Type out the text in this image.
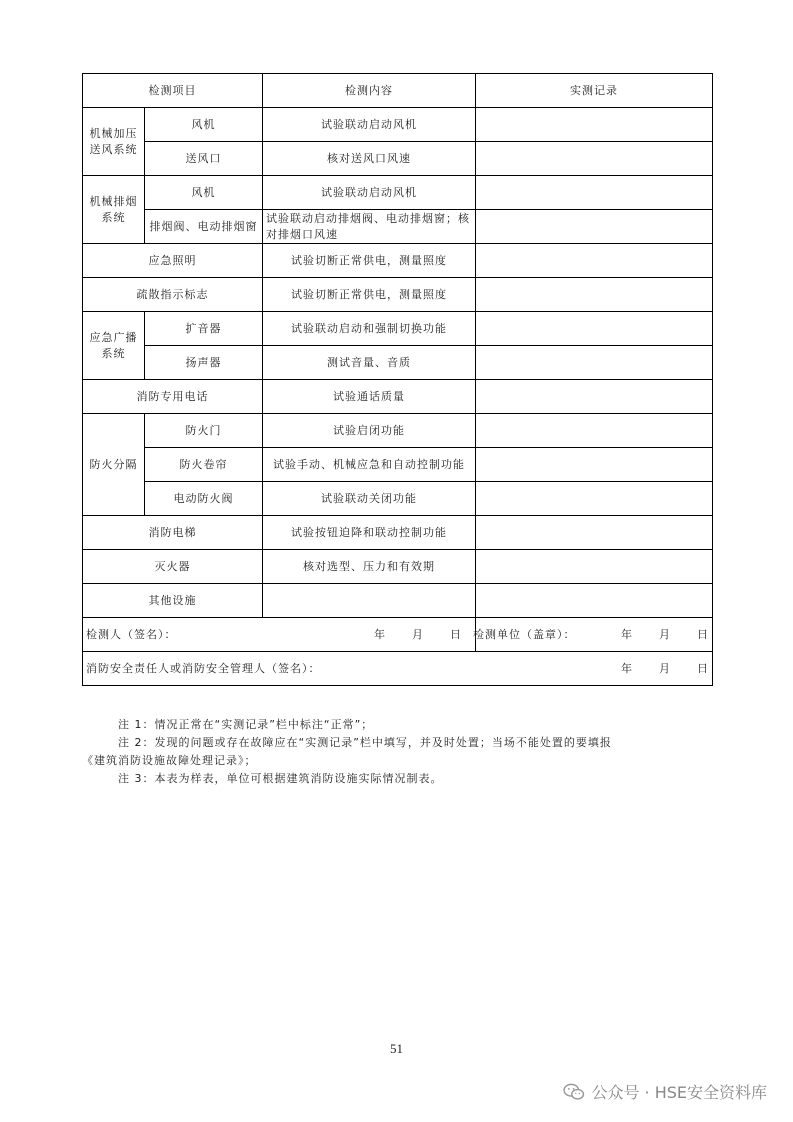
检测项目		检测内容	实测记录
机械加压送风系统	风机	试验联动启动风机	
	送风口	核对送风口风速	
机械排烟系统	风机	试验联动启动风机	
	排烟阀、电动排烟窗	试验联动启动排烟阀、电动排烟窗；核对排烟口风速	
应急照明		试验切断正常供电，测量照度	
疏散指示标志		试验切断正常供电，测量照度	
应急广播系统	扩音器	试验联动启动和强制切换功能	
	扬声器	测试音量、音质	
消防专用电话		试验通话质量	
防火分隔	防火门	试验启闭功能	
	防火卷帘	试验手动、机械应急和自动控制功能	
	电动防火阀	试验联动关闭功能	
消防电梯		试验按钮迫降和联动控制功能	
灭火器		核对选型、压力和有效期	
其他设施			

检测人（签名）： 年 月 日			检测单位（盖章）： 年 月 日

消防安全责任人或消防安全管理人（签名）： 年 月 日			

注 1：情况正常在“实测记录”栏中标注“正常”；

注 2：发现的问题或存在故障应在“实测记录”栏中填写，并及时处置；当场不能处置的要填报

《建筑消防设施故障处理记录》；

注 3：本表为样表，单位可根据建筑消防设施实际情况制表。

51
公众号 · HSE安全资料库
